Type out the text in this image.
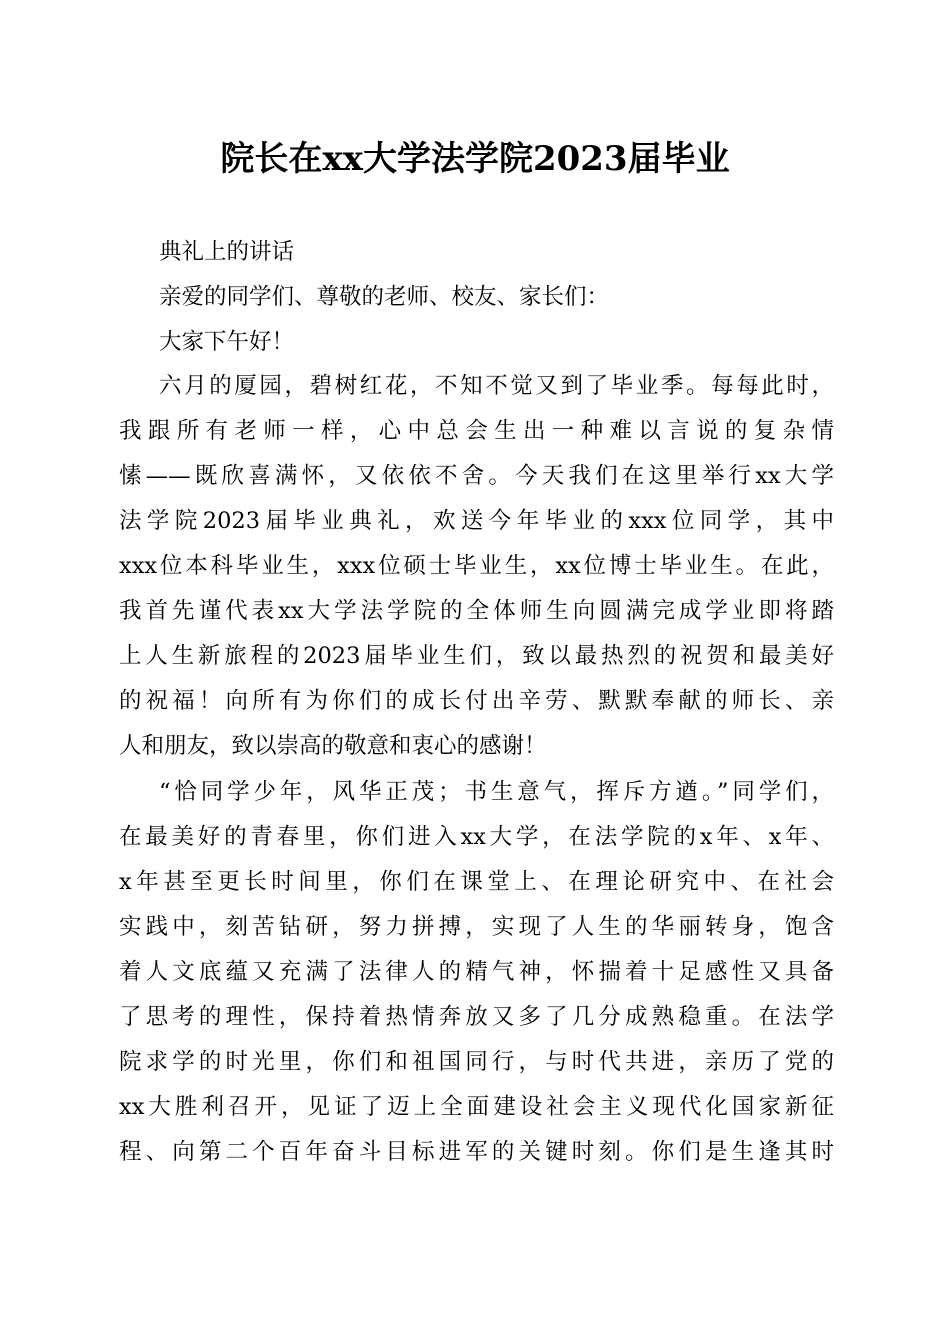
院长在xx大学法学院2023届毕业
典礼上的讲话
亲爱的同学们、尊敬的老师、校友、家长们：
大家下午好！
六月的厦园，碧树红花，不知不觉又到了毕业季。每每此时，
我跟所有老师一样，心中总会生出一种难以言说的复杂情
愫——既欣喜满怀，又依依不舍。今天我们在这里举行xx大学
法学院2023届毕业典礼，欢送今年毕业的xxx位同学，其中
xxx位本科毕业生，xxx位硕士毕业生，xx位博士毕业生。在此，
我首先谨代表xx大学法学院的全体师生向圆满完成学业即将踏
上人生新旅程的2023届毕业生们，致以最热烈的祝贺和最美好
的祝福！向所有为你们的成长付出辛劳、默默奉献的师长、亲
人和朋友，致以崇高的敬意和衷心的感谢！
“恰同学少年，风华正茂；书生意气，挥斥方遒。”同学们，
在最美好的青春里，你们进入xx大学，在法学院的x年、x年、
x年甚至更长时间里，你们在课堂上、在理论研究中、在社会
实践中，刻苦钻研，努力拼搏，实现了人生的华丽转身，饱含
着人文底蕴又充满了法律人的精气神，怀揣着十足感性又具备
了思考的理性，保持着热情奔放又多了几分成熟稳重。在法学
院求学的时光里，你们和祖国同行，与时代共进，亲历了党的
xx大胜利召开，见证了迈上全面建设社会主义现代化国家新征
程、向第二个百年奋斗目标进军的关键时刻。你们是生逢其时
